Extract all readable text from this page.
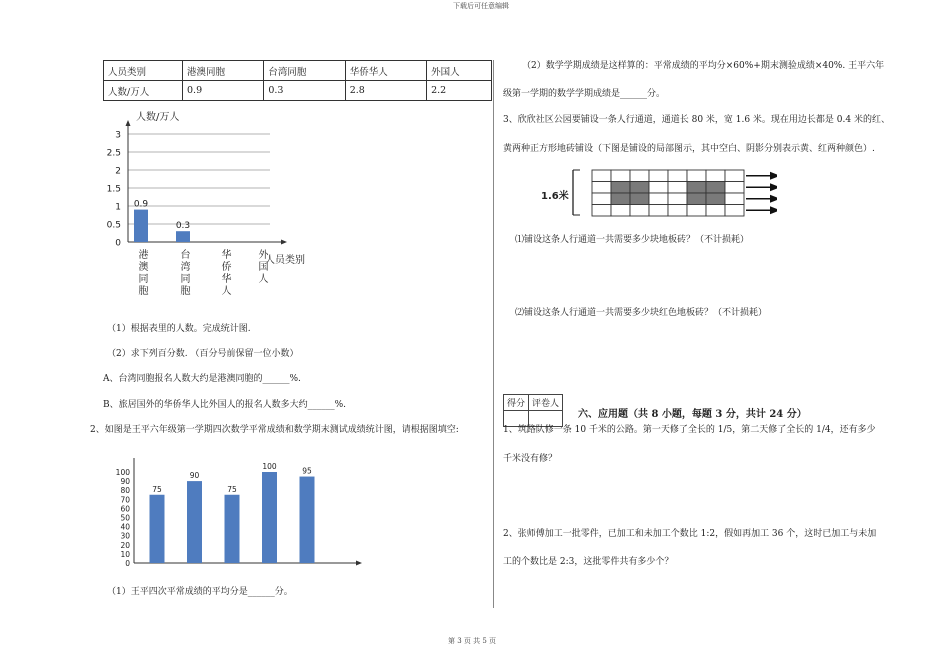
下载后可任意编辑
第 3 页 共 5 页
人员类别	港澳同胞	台湾同胞	华侨华人	外国人
人数/万人	0.9	0.3	2.8	2.2
人数/万人
0
0.5
1
1.5
2
2.5
3
0.9
0.3
人员类别
港澳同胞	台湾同胞	华侨华人	外国人
（1）根据表里的人数。完成统计图.
（2）求下列百分数. （百分号前保留一位小数）
A、台湾同胞报名人数大约是港澳同胞的______%.
B、旅居国外的华侨华人比外国人的报名人数多大约______%.
2、如图是王平六年级第一学期四次数学平常成绩和数学期末测试成绩统计图，请根据图填空:
0
10
20
30
40
50
60
70
80
90
100
75
90
75
100
95
（1）王平四次平常成绩的平均分是______分。
（2）数学学期成绩是这样算的：平常成绩的平均分×60%+期末测验成绩×40%. 王平六年
级第一学期的数学学期成绩是______分。
3、欣欣社区公园要铺设一条人行通道，通道长 80 米，宽 1.6 米。现在用边长都是 0.4 米的红、
黄两种正方形地砖铺设（下图是铺设的局部图示，其中空白、阴影分别表示黄、红两种颜色）.
1.6米
⑴铺设这条人行通道一共需要多少块地板砖？（不计损耗）
⑵铺设这条人行通道一共需要多少块红色地板砖？（不计损耗）
得分	评卷人

六、应用题（共 8 小题，每题 3 分，共计 24 分）
1、筑路队修一条 10 千米的公路。第一天修了全长的 1/5，第二天修了全长的 1/4，还有多少
千米没有修？
2、张师傅加工一批零件，已加工和未加工个数比 1:2，假如再加工 36 个，这时已加工与未加
工的个数比是 2:3，这批零件共有多少个？
